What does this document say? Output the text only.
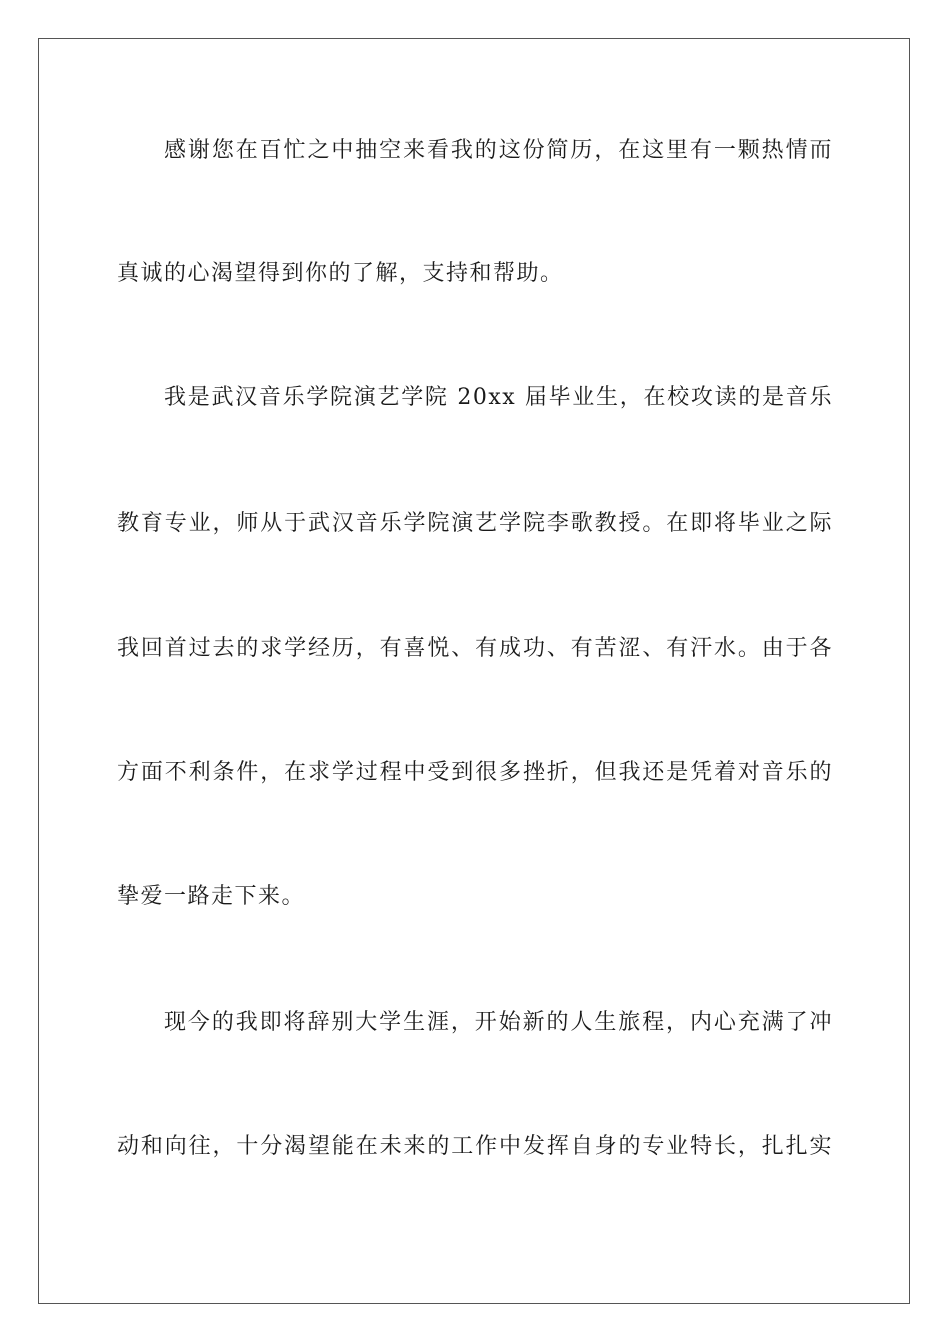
感谢您在百忙之中抽空来看我的这份简历，在这里有一颗热情而
真诚的心渴望得到你的了解，支持和帮助。
我是武汉音乐学院演艺学院 20xx 届毕业生，在校攻读的是音乐
教育专业，师从于武汉音乐学院演艺学院李歌教授。在即将毕业之际
我回首过去的求学经历，有喜悦、有成功、有苦涩、有汗水。由于各
方面不利条件，在求学过程中受到很多挫折，但我还是凭着对音乐的
挚爱一路走下来。
现今的我即将辞别大学生涯，开始新的人生旅程，内心充满了冲
动和向往，十分渴望能在未来的工作中发挥自身的专业特长，扎扎实
